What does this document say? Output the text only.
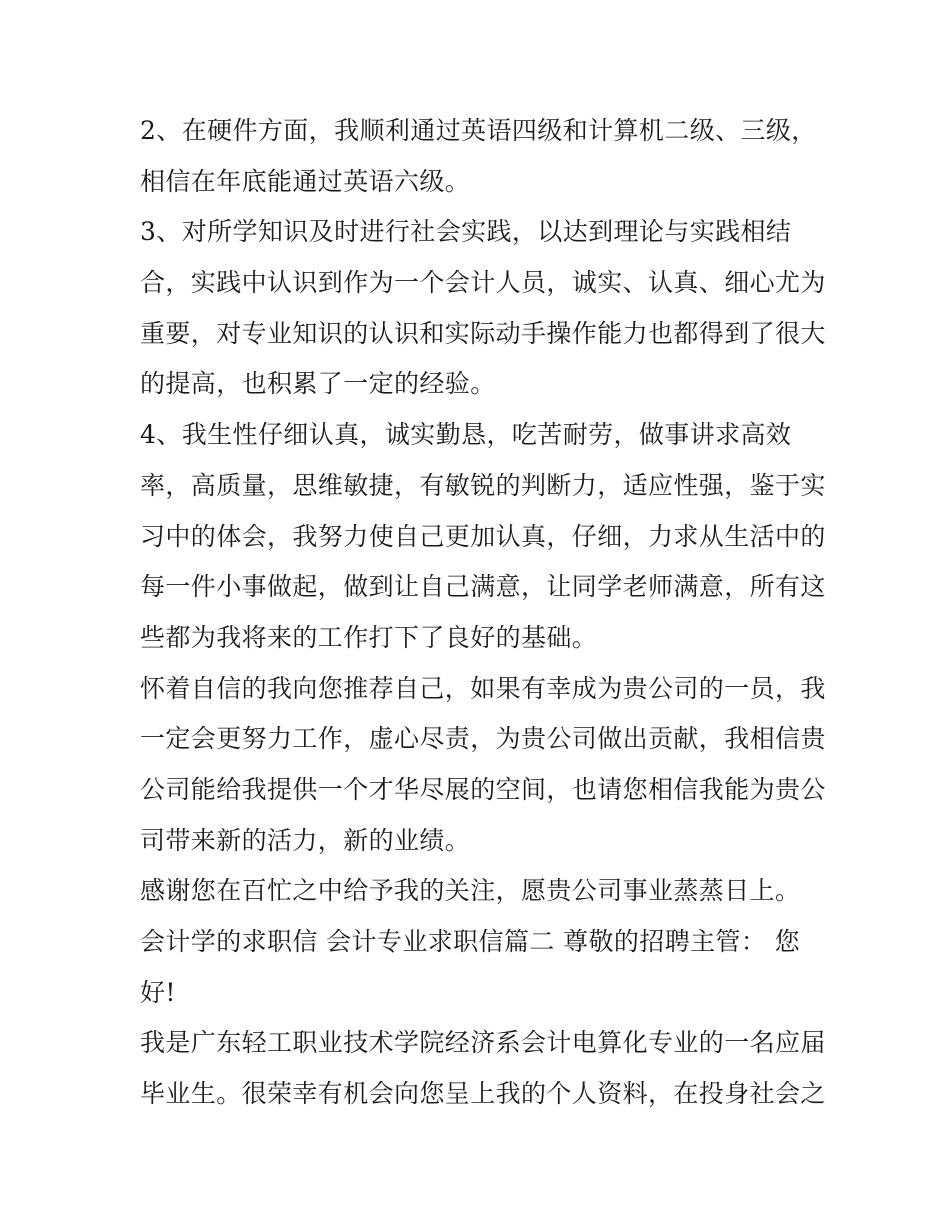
2、在硬件方面，我顺利通过英语四级和计算机二级、三级，
相信在年底能通过英语六级。
3、对所学知识及时进行社会实践，以达到理论与实践相结
合，实践中认识到作为一个会计人员，诚实、认真、细心尤为
重要，对专业知识的认识和实际动手操作能力也都得到了很大
的提高，也积累了一定的经验。
4、我生性仔细认真，诚实勤恳，吃苦耐劳，做事讲求高效
率，高质量，思维敏捷，有敏锐的判断力，适应性强，鉴于实
习中的体会，我努力使自己更加认真，仔细，力求从生活中的
每一件小事做起，做到让自己满意，让同学老师满意，所有这
些都为我将来的工作打下了良好的基础。
怀着自信的我向您推荐自己，如果有幸成为贵公司的一员，我
一定会更努力工作，虚心尽责，为贵公司做出贡献，我相信贵
公司能给我提供一个才华尽展的空间，也请您相信我能为贵公
司带来新的活力，新的业绩。
感谢您在百忙之中给予我的关注，愿贵公司事业蒸蒸日上。
会计学的求职信 会计专业求职信篇二 尊敬的招聘主管： 您
好!
我是广东轻工职业技术学院经济系会计电算化专业的一名应届
毕业生。很荣幸有机会向您呈上我的个人资料，在投身社会之
